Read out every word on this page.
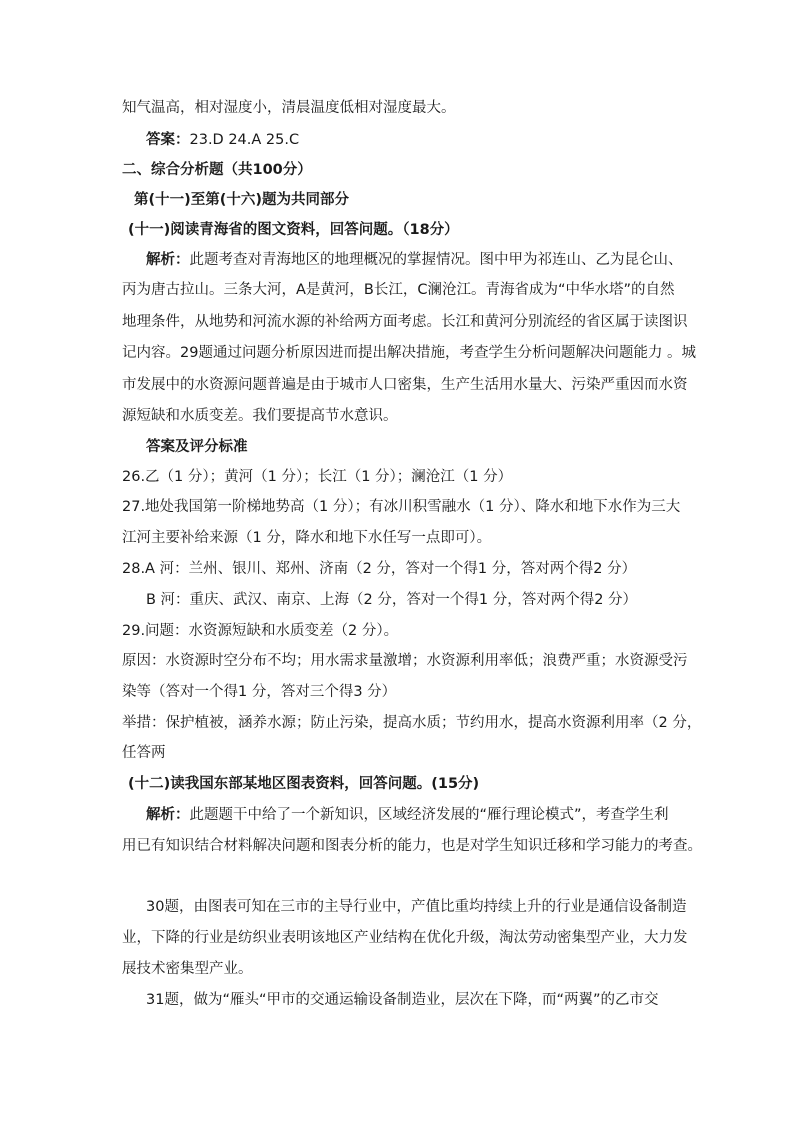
知气温高，相对湿度小，清晨温度低相对湿度最大。
答案：23.D 24.A 25.C
二、综合分析题（共100分）
第(十一)至第(十六)题为共同部分
(十一)阅读青海省的图文资料，回答问题。（18分）
解析：此题考查对青海地区的地理概况的掌握情况。图中甲为祁连山、乙为昆仑山、
丙为唐古拉山。三条大河，A是黄河，B长江，C澜沧江。青海省成为“中华水塔”的自然
地理条件，从地势和河流水源的补给两方面考虑。长江和黄河分别流经的省区属于读图识
记内容。29题通过问题分析原因进而提出解决措施，考查学生分析问题解决问题能力 。城
市发展中的水资源问题普遍是由于城市人口密集，生产生活用水量大、污染严重因而水资
源短缺和水质变差。我们要提高节水意识。
答案及评分标准
26.乙（1 分）；黄河（1 分）；长江（1 分）；澜沧江（1 分）
27.地处我国第一阶梯地势高（1 分）；有冰川积雪融水（1 分）、降水和地下水作为三大
江河主要补给来源（1 分，降水和地下水任写一点即可）。
28.A 河：兰州、银川、郑州、济南（2 分，答对一个得1 分，答对两个得2 分）
B 河：重庆、武汉、南京、上海（2 分，答对一个得1 分，答对两个得2 分）
29.问题：水资源短缺和水质变差（2 分）。
原因：水资源时空分布不均；用水需求量激增；水资源利用率低；浪费严重；水资源受污
染等（答对一个得1 分，答对三个得3 分）
举措：保护植被，涵养水源；防止污染，提高水质；节约用水，提高水资源利用率（2 分，
任答两
(十二)读我国东部某地区图表资料，回答问题。(15分)
解析：此题题干中给了一个新知识，区域经济发展的“雁行理论模式”，考查学生利
用已有知识结合材料解决问题和图表分析的能力，也是对学生知识迁移和学习能力的考查。
30题，由图表可知在三市的主导行业中，产值比重均持续上升的行业是通信设备制造
业，下降的行业是纺织业表明该地区产业结构在优化升级，淘汰劳动密集型产业，大力发
展技术密集型产业。
31题，做为“雁头“甲市的交通运输设备制造业，层次在下降，而“两翼”的乙市交
